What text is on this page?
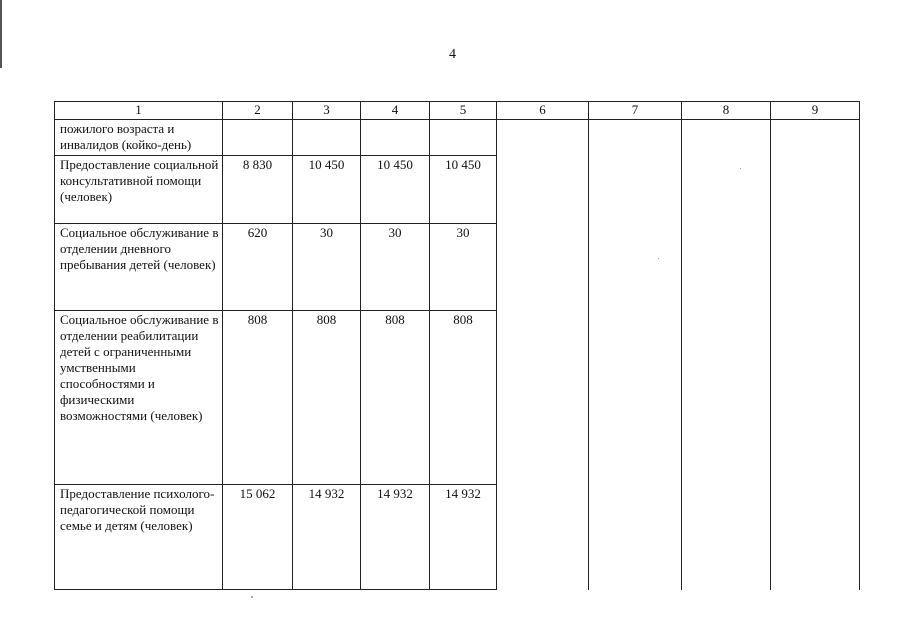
4
1	2	3	4	5	6	7	8	9
пожилого возраста и инвалидов (койко-день)								
Предоставление социальной консультативной помощи (человек)	8 830	10 450	10 450	10 450				
Социальное обслуживание в отделении дневного пребывания детей (человек)	620	30	30	30				
Социальное обслуживание в отделении реабилитации детей с ограниченными умственными способностями и физическими возможностями (человек)	808	808	808	808				
Предоставление психолого-педагогической помощи семье и детям (человек)	15 062	14 932	14 932	14 932				
